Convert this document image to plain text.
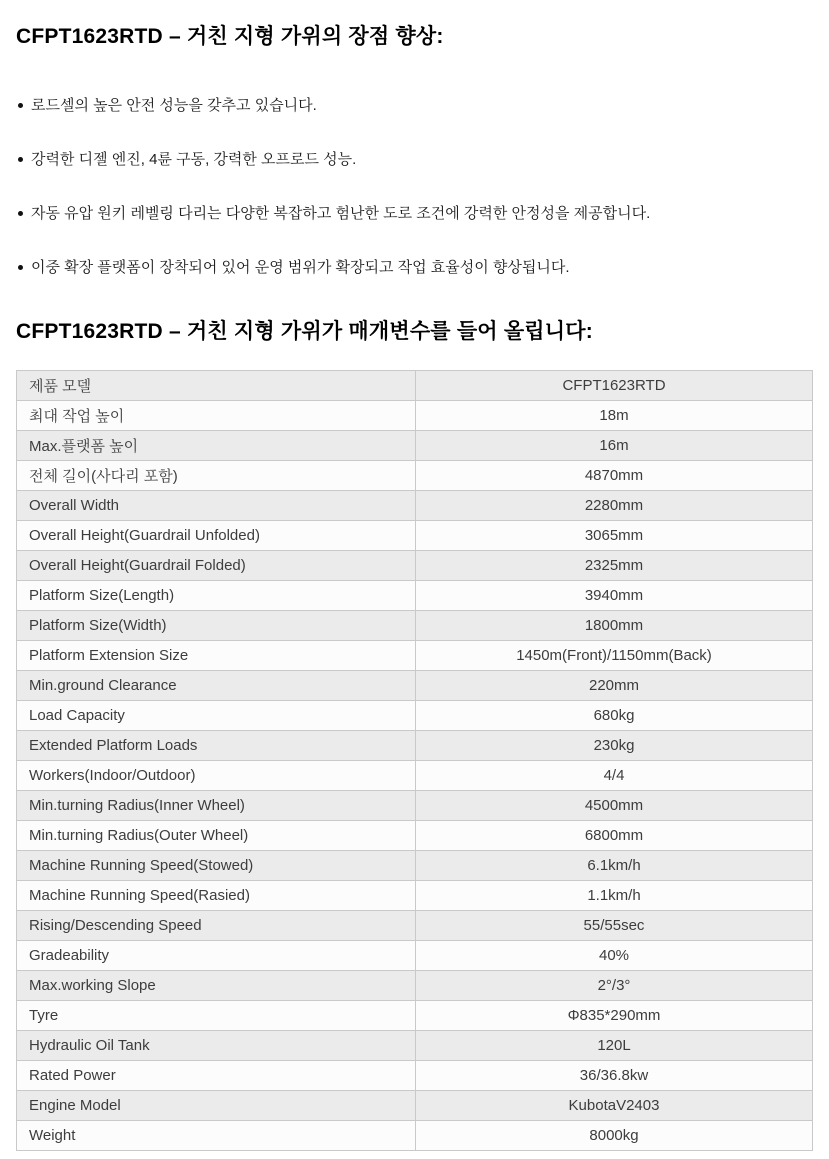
CFPT1623RTD – 거친 지형 가위의 장점 향상:
로드셀의 높은 안전 성능을 갖추고 있습니다.
강력한 디젤 엔진, 4륜 구동, 강력한 오프로드 성능.
자동 유압 원키 레벨링 다리는 다양한 복잡하고 험난한 도로 조건에 강력한 안정성을 제공합니다.
이중 확장 플랫폼이 장착되어 있어 운영 범위가 확장되고 작업 효율성이 향상됩니다.
CFPT1623RTD – 거친 지형 가위가 매개변수를 들어 올립니다:
제품 모델	CFPT1623RTD
최대 작업 높이	18m
Max.플랫폼 높이	16m
전체 길이(사다리 포함)	4870mm
Overall Width	2280mm
Overall Height(Guardrail Unfolded)	3065mm
Overall Height(Guardrail Folded)	2325mm
Platform Size(Length)	3940mm
Platform Size(Width)	1800mm
Platform Extension Size	1450m(Front)/1150mm(Back)
Min.ground Clearance	220mm
Load Capacity	680kg
Extended Platform Loads	230kg
Workers(Indoor/Outdoor)	4/4
Min.turning Radius(Inner Wheel)	4500mm
Min.turning Radius(Outer Wheel)	6800mm
Machine Running Speed(Stowed)	6.1km/h
Machine Running Speed(Rasied)	1.1km/h
Rising/Descending Speed	55/55sec
Gradeability	40%
Max.working Slope	2°/3°
Tyre	Φ835*290mm
Hydraulic Oil Tank	120L
Rated Power	36/36.8kw
Engine Model	KubotaV2403
Weight	8000kg
